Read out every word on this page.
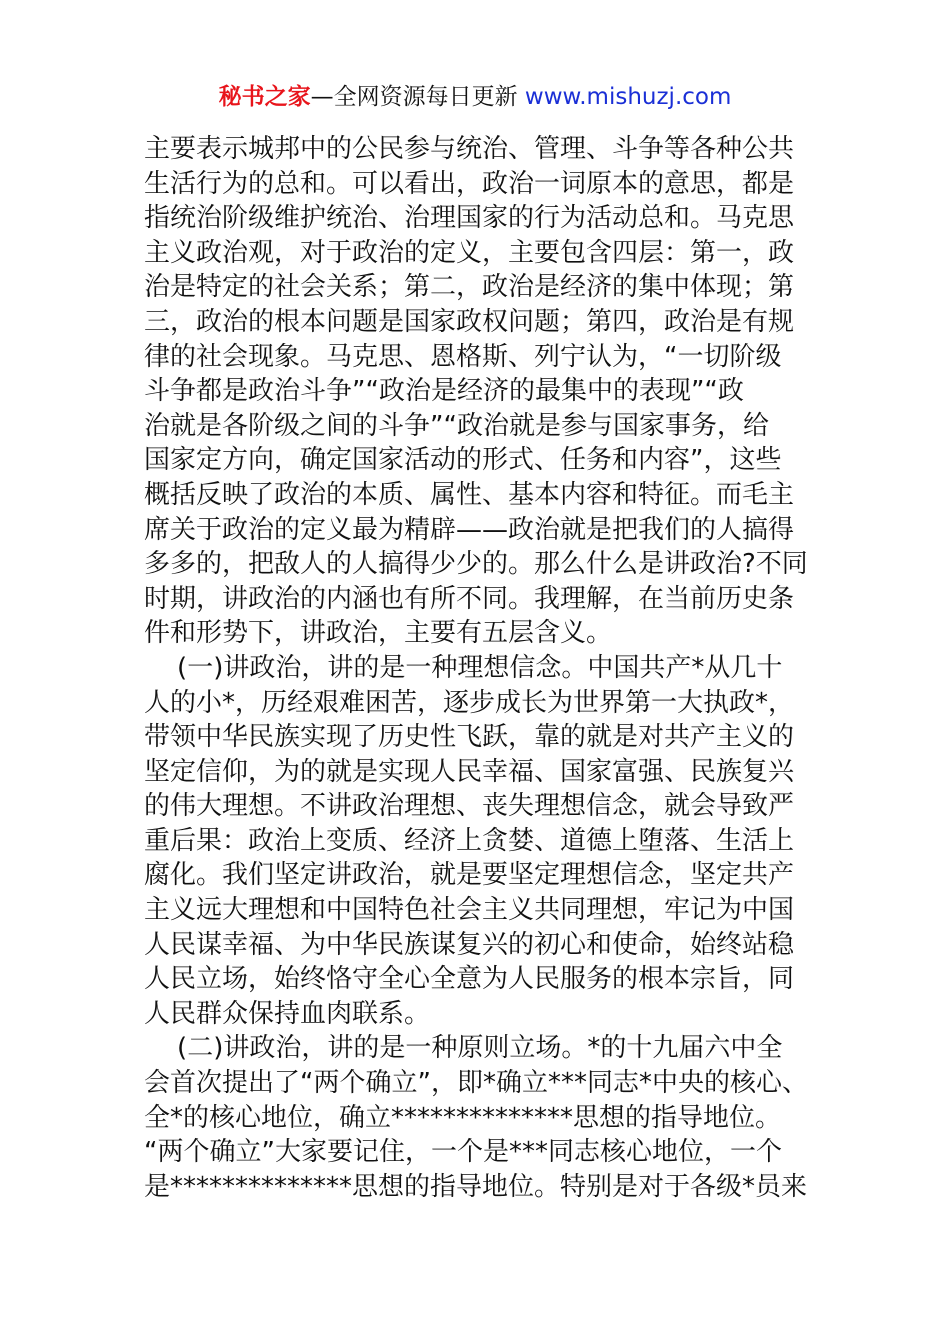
秘书之家—全网资源每日更新 www.mishuzj.com
主要表示城邦中的公民参与统治、管理、斗争等各种公共
生活行为的总和。可以看出，政治一词原本的意思，都是
指统治阶级维护统治、治理国家的行为活动总和。马克思
主义政治观，对于政治的定义，主要包含四层：第一，政
治是特定的社会关系；第二，政治是经济的集中体现；第
三，政治的根本问题是国家政权问题；第四，政治是有规
律的社会现象。马克思、恩格斯、列宁认为，“一切阶级
斗争都是政治斗争”“政治是经济的最集中的表现”“政
治就是各阶级之间的斗争”“政治就是参与国家事务，给
国家定方向，确定国家活动的形式、任务和内容”，这些
概括反映了政治的本质、属性、基本内容和特征。而毛主
席关于政治的定义最为精辟——政治就是把我们的人搞得
多多的，把敌人的人搞得少少的。那么什么是讲政治?不同
时期，讲政治的内涵也有所不同。我理解，在当前历史条
件和形势下，讲政治，主要有五层含义。
(一)讲政治，讲的是一种理想信念。中国共产*从几十
人的小*，历经艰难困苦，逐步成长为世界第一大执政*，
带领中华民族实现了历史性飞跃，靠的就是对共产主义的
坚定信仰，为的就是实现人民幸福、国家富强、民族复兴
的伟大理想。不讲政治理想、丧失理想信念，就会导致严
重后果：政治上变质、经济上贪婪、道德上堕落、生活上
腐化。我们坚定讲政治，就是要坚定理想信念，坚定共产
主义远大理想和中国特色社会主义共同理想，牢记为中国
人民谋幸福、为中华民族谋复兴的初心和使命，始终站稳
人民立场，始终恪守全心全意为人民服务的根本宗旨，同
人民群众保持血肉联系。
(二)讲政治，讲的是一种原则立场。*的十九届六中全
会首次提出了“两个确立”，即*确立***同志*中央的核心、
全*的核心地位，确立**************思想的指导地位。
“两个确立”大家要记住，一个是***同志核心地位，一个
是**************思想的指导地位。特别是对于各级*员来
